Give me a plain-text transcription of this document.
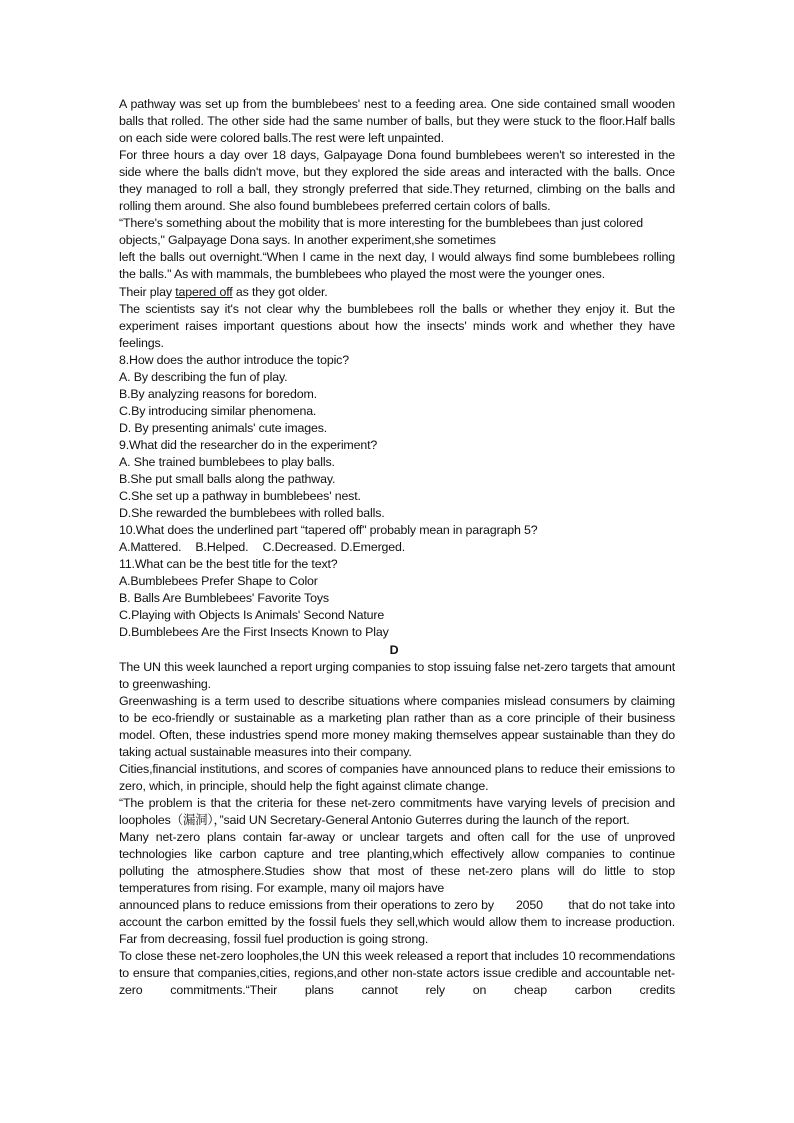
A pathway was set up from the bumblebees' nest to a feeding area. One side contained small wooden balls that rolled. The other side had the same number of balls, but they were stuck to the floor.Half balls on each side were colored balls.The rest were left unpainted.

For three hours a day over 18 days, Galpayage Dona found bumblebees weren't so interested in the side where the balls didn't move, but they explored the side areas and interacted with the balls. Once they managed to roll a ball, they strongly preferred that side.They returned, climbing on the balls and rolling them around. She also found bumblebees preferred certain colors of balls.

“There's something about the mobility that is more interesting for the bumblebees than just colored objects," Galpayage Dona says. In another experiment,she sometimes

left the balls out overnight.“When I came in the next day, I would always find some bumblebees rolling the balls." As with mammals, the bumblebees who played the most were the younger ones.

Their play tapered off as they got older.

The scientists say it's not clear why the bumblebees roll the balls or whether they enjoy it. But the experiment raises important questions about how the insects' minds work and whether they have feelings.

8.How does the author introduce the topic?

A. By describing the fun of play.

B.By analyzing reasons for boredom.

C.By introducing similar phenomena.

D. By presenting animals' cute images.

9.What did the researcher do in the experiment?

A. She trained bumblebees to play balls.

B.She put small balls along the pathway.

C.She set up a pathway in bumblebees' nest.

D.She rewarded the bumblebees with rolled balls.

10.What does the underlined part “tapered off" probably mean in paragraph 5?

A.Mattered. B.Helped. C.Decreased. D.Emerged.

11.What can be the best title for the text?

A.Bumblebees Prefer Shape to Color

B. Balls Are Bumblebees' Favorite Toys

C.Playing with Objects Is Animals' Second Nature

D.Bumblebees Are the First Insects Known to Play

D

The UN this week launched a report urging companies to stop issuing false net-zero targets that amount to greenwashing.

Greenwashing is a term used to describe situations where companies mislead consumers by claiming to be eco-friendly or sustainable as a marketing plan rather than as a core principle of their business model. Often, these industries spend more money making themselves appear sustainable than they do taking actual sustainable measures into their company.

Cities,financial institutions, and scores of companies have announced plans to reduce their emissions to zero, which, in principle, should help the fight against climate change.

“The problem is that the criteria for these net-zero commitments have varying levels of precision and loopholes（漏洞），”said UN Secretary-General Antonio Guterres during the launch of the report.

Many net-zero plans contain far-away or unclear targets and often call for the use of unproved technologies like carbon capture and tree planting,which effectively allow companies to continue polluting the atmosphere.Studies show that most of these net-zero plans will do little to stop temperatures from rising. For example, many oil majors have

announced plans to reduce emissions from their operations to zero by 2050 that do not take into account the carbon emitted by the fossil fuels they sell,which would allow them to increase production. Far from decreasing, fossil fuel production is going strong.

To close these net-zero loopholes,the UN this week released a report that includes 10 recommendations to ensure that companies,cities, regions,and other non-state actors issue credible and accountable net-zero commitments.“Their plans cannot rely on cheap carbon credits
